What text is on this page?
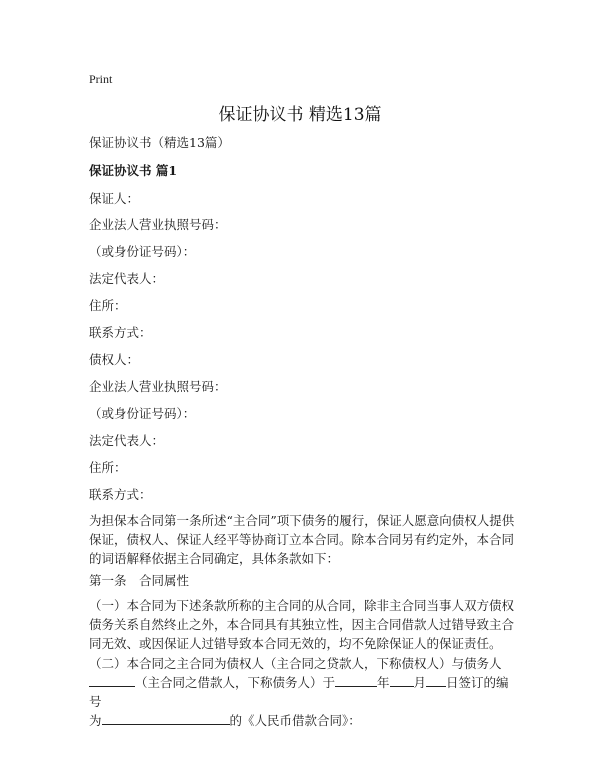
Print
保证协议书 精选13篇
保证协议书（精选13篇）
保证协议书 篇1
保证人：
企业法人营业执照号码：
（或身份证号码）：
法定代表人：
住所：
联系方式：
债权人：
企业法人营业执照号码：
（或身份证号码）：
法定代表人：
住所：
联系方式：
为担保本合同第一条所述“主合同”项下债务的履行，保证人愿意向债权人提供保证，债权人、保证人经平等协商订立本合同。除本合同另有约定外，本合同的词语解释依据主合同确定，具体条款如下：
第一条　合同属性
（一）本合同为下述条款所称的主合同的从合同，除非主合同当事人双方债权债务关系自然终止之外，本合同具有其独立性，因主合同借款人过错导致主合同无效、或因保证人过错导致本合同无效的，均不免除保证人的保证责任。
（二）本合同之主合同为债权人（主合同之贷款人，下称债权人）与债务人
（主合同之借款人，下称债务人）于	年 月 日签订的编号
为	的《人民币借款合同》：
